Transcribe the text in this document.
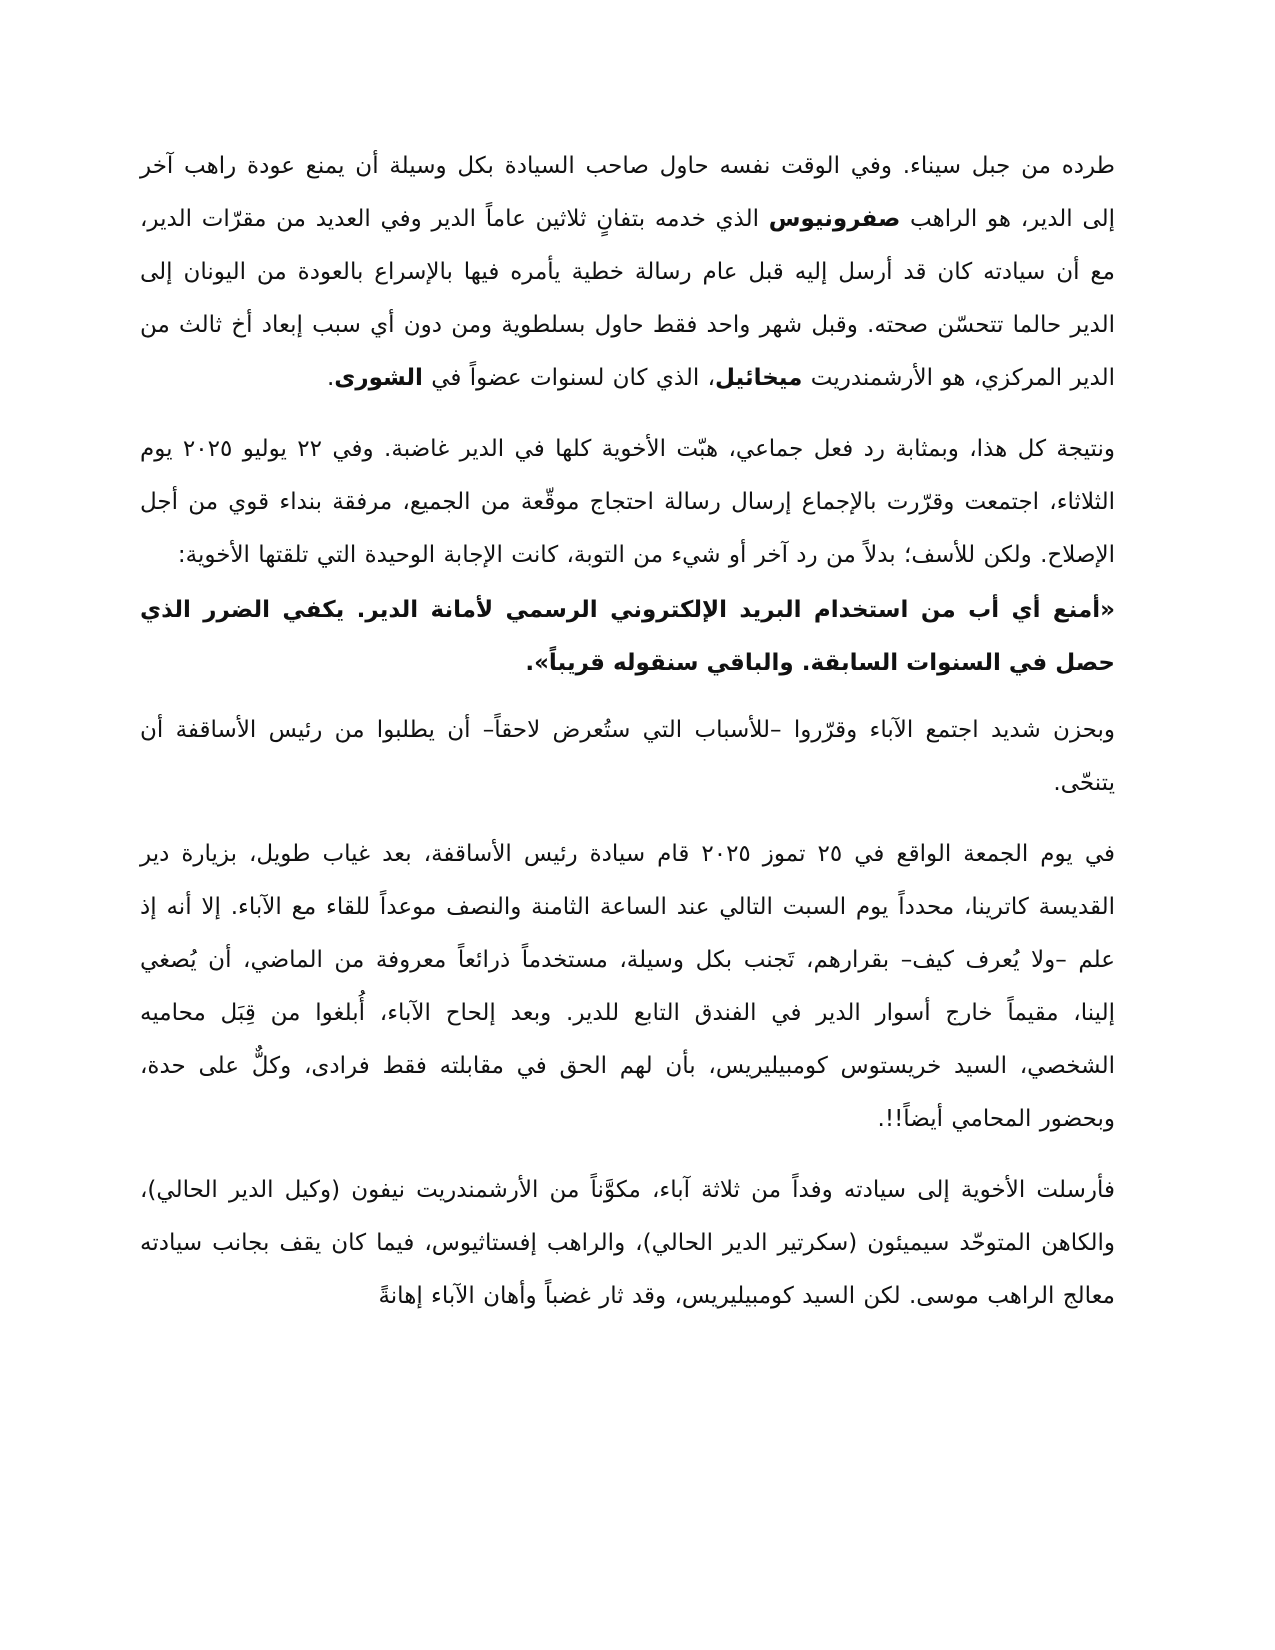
طرده من جبل سيناء. وفي الوقت نفسه حاول صاحب السيادة بكل وسيلة أن يمنع عودة راهب آخر إلى الدير، هو الراهب صفرونيوس الذي خدمه بتفانٍ ثلاثين عاماً الدير وفي العديد من مقرّات الدير، مع أن سيادته كان قد أرسل إليه قبل عام رسالة خطية يأمره فيها بالإسراع بالعودة من اليونان إلى الدير حالما تتحسّن صحته. وقبل شهر واحد فقط حاول بسلطوية ومن دون أي سبب إبعاد أخ ثالث من الدير المركزي، هو الأرشمندريت ميخائيل، الذي كان لسنوات عضواً في الشورى.

ونتيجة كل هذا، وبمثابة رد فعل جماعي، هبّت الأخوية كلها في الدير غاضبة. وفي ٢٢ يوليو ٢٠٢٥ يوم الثلاثاء، اجتمعت وقرّرت بالإجماع إرسال رسالة احتجاج موقّعة من الجميع، مرفقة بنداء قوي من أجل الإصلاح. ولكن للأسف؛ بدلاً من رد آخر أو شيء من التوبة، كانت الإجابة الوحيدة التي تلقتها الأخوية:

«أمنع أي أب من استخدام البريد الإلكتروني الرسمي لأمانة الدير. يكفي الضرر الذي حصل في السنوات السابقة. والباقي سنقوله قريباً».

وبحزن شديد اجتمع الآباء وقرّروا –للأسباب التي ستُعرض لاحقاً– أن يطلبوا من رئيس الأساقفة أن يتنحّى.

في يوم الجمعة الواقع في ٢٥ تموز ٢٠٢٥ قام سيادة رئيس الأساقفة، بعد غياب طويل، بزيارة دير القديسة كاترينا، محدداً يوم السبت التالي عند الساعة الثامنة والنصف موعداً للقاء مع الآباء. إلا أنه إذ علم –ولا يُعرف كيف– بقرارهم، تَجنب بكل وسيلة، مستخدماً ذرائعاً معروفة من الماضي، أن يُصغي إلينا، مقيماً خارج أسوار الدير في الفندق التابع للدير. وبعد إلحاح الآباء، أُبلغوا من قِبَل محاميه الشخصي، السيد خريستوس كومبيليريس، بأن لهم الحق في مقابلته فقط فرادى، وكلٌّ على حدة، وبحضور المحامي أيضاً!!.

فأرسلت الأخوية إلى سيادته وفداً من ثلاثة آباء، مكوَّناً من الأرشمندريت نيفون (وكيل الدير الحالي)، والكاهن المتوحّد سيميئون (سكرتير الدير الحالي)، والراهب إفستاثيوس، فيما كان يقف بجانب سيادته معالج الراهب موسى. لكن السيد كومبيليريس، وقد ثار غضباً وأهان الآباء إهانةً
